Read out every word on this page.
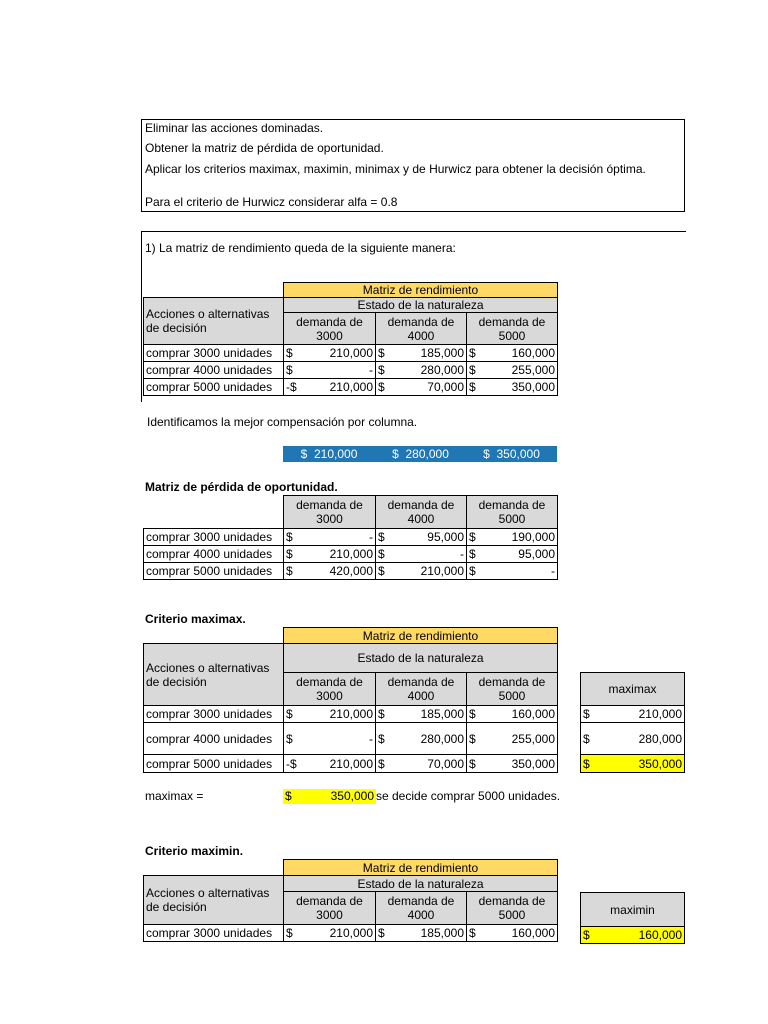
Eliminar las acciones dominadas.
Obtener la matriz de pérdida de oportunidad.
Aplicar los criterios maximax, maximin, minimax y de Hurwicz para obtener la decisión óptima.
Para el criterio de Hurwicz considerar alfa = 0.8
1) La matriz de rendimiento queda de la siguiente manera:
	Matriz de rendimiento		
Acciones o alternativas de decisión	Estado de la naturaleza		
	demanda de 3000	demanda de 4000	demanda de 5000
comprar 3000 unidades	$ 210,000	$ 185,000	$ 160,000
comprar 4000 unidades	$ -	$ 280,000	$ 255,000
comprar 5000 unidades	-$ 210,000	$ 70,000	$ 350,000
Identificamos la mejor compensación por columna.
$ 210,000	$ 280,000	$ 350,000
Matriz de pérdida de oportunidad.
	demanda de 3000	demanda de 4000	demanda de 5000
comprar 3000 unidades	$ -	$ 95,000	$ 190,000
comprar 4000 unidades	$ 210,000	$ -	$ 95,000
comprar 5000 unidades	$ 420,000	$ 210,000	$ -
Criterio maximax.
	Matriz de rendimiento		
Acciones o alternativas de decisión	Estado de la naturaleza		
	demanda de 3000	demanda de 4000	demanda de 5000
comprar 3000 unidades	$ 210,000	$ 185,000	$ 160,000
comprar 4000 unidades	$ -	$ 280,000	$ 255,000
comprar 5000 unidades	-$ 210,000	$ 70,000	$ 350,000
maximax

$	210,000

$	280,000

$	350,000
maximax =	$	350,000 se decide comprar 5000 unidades.
Criterio maximin.
	Matriz de rendimiento		
Acciones o alternativas de decisión	Estado de la naturaleza		
	demanda de 3000	demanda de 4000	demanda de 5000
comprar 3000 unidades	$ 210,000	$ 185,000	$ 160,000
maximin

$	160,000
